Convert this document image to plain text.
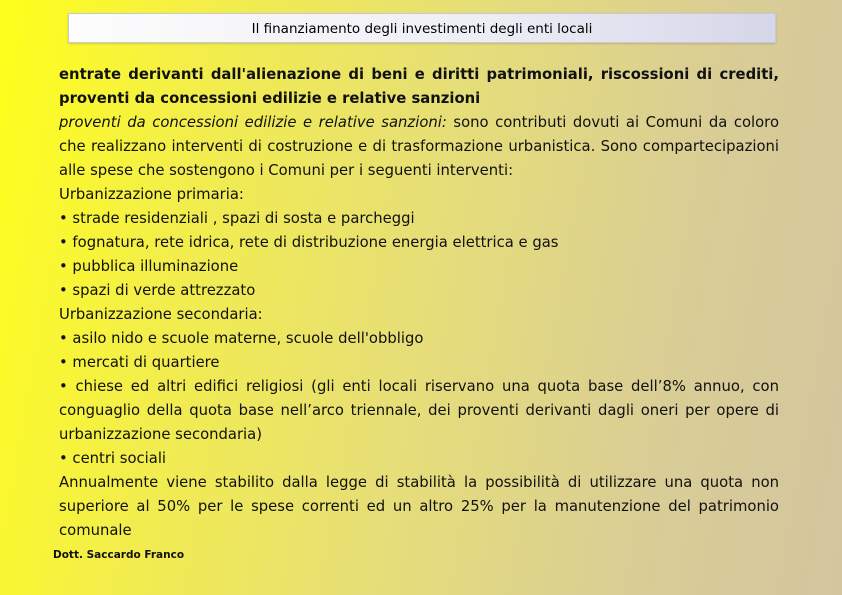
Il finanziamento degli investimenti degli enti locali

entrate derivanti dall'alienazione di beni e diritti patrimoniali, riscossioni di crediti, proventi da concessioni edilizie e relative sanzioni

proventi da concessioni edilizie e relative sanzioni: sono contributi dovuti ai Comuni da coloro che realizzano interventi di costruzione e di trasformazione urbanistica. Sono compartecipazioni alle spese che sostengono i Comuni per i seguenti interventi:

Urbanizzazione primaria:

• strade residenziali , spazi di sosta e parcheggi

• fognatura, rete idrica, rete di distribuzione energia elettrica e gas

• pubblica illuminazione

• spazi di verde attrezzato

Urbanizzazione secondaria:

• asilo nido e scuole materne, scuole dell'obbligo

• mercati di quartiere

• chiese ed altri edifici religiosi (gli enti locali riservano una quota base dell’8% annuo, con conguaglio della quota base nell’arco triennale, dei proventi derivanti dagli oneri per opere di urbanizzazione secondaria)

• centri sociali

Annualmente viene stabilito dalla legge di stabilità la possibilità di utilizzare una quota non superiore al 50% per le spese correnti ed un altro 25% per la manutenzione del patrimonio comunale

Dott. Saccardo Franco
